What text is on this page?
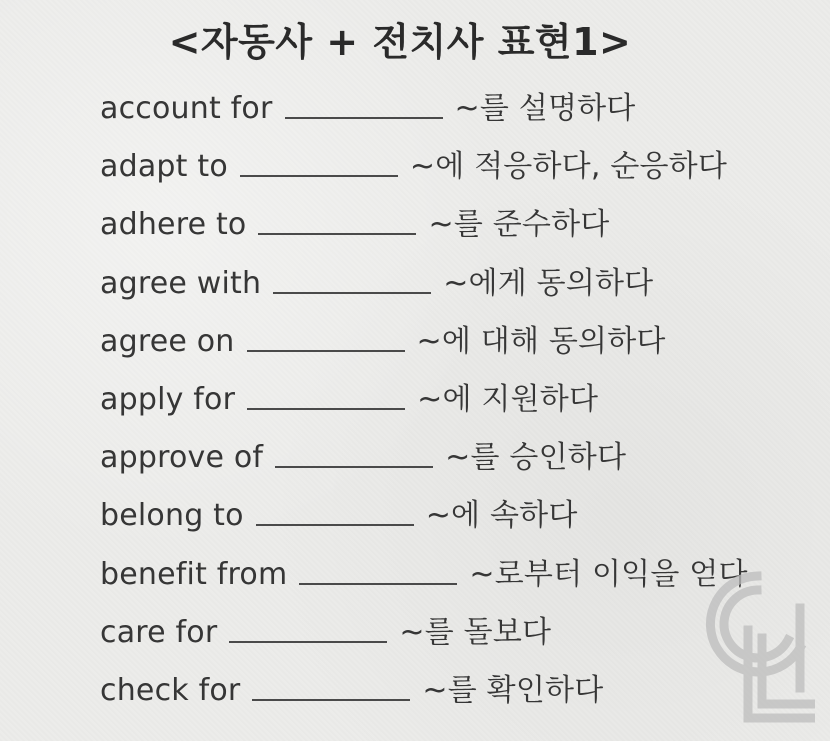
<자동사 + 전치사 표현1>
account for	~를 설명하다
adapt to	~에 적응하다, 순응하다
adhere to	~를 준수하다
agree with	~에게 동의하다
agree on	~에 대해 동의하다
apply for	~에 지원하다
approve of	~를 승인하다
belong to	~에 속하다
benefit from	~로부터 이익을 얻다
care for	~를 돌보다
check for	~를 확인하다
